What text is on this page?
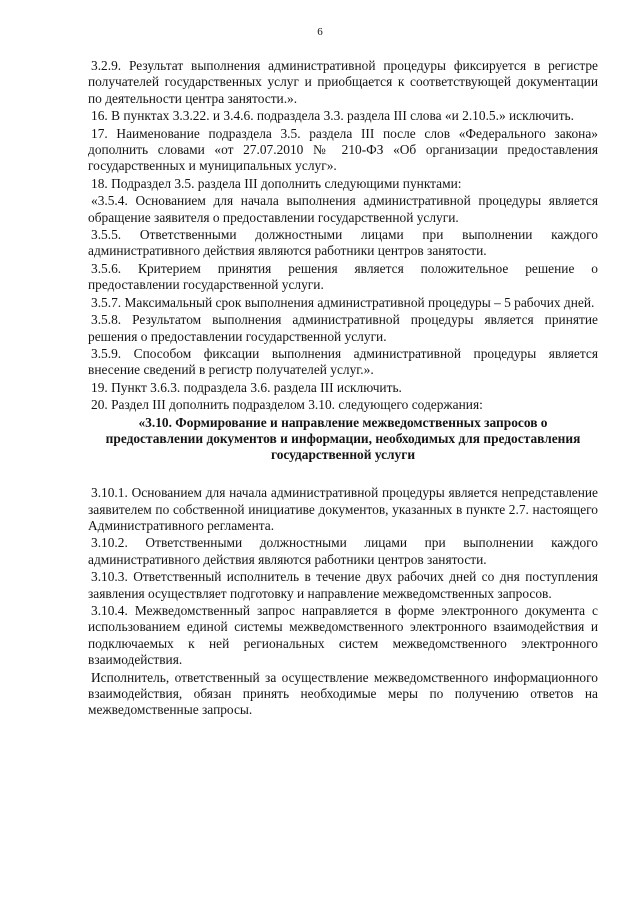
6

3.2.9. Результат выполнения административной процедуры фиксируется в регистре получателей государственных услуг и приобщается к соответствующей документации по деятельности центра занятости.».

16. В пунктах 3.3.22. и 3.4.6. подраздела 3.3. раздела III слова «и 2.10.5.» исключить.

17. Наименование подраздела 3.5. раздела III после слов «Федерального закона» дополнить словами «от 27.07.2010 № 210-ФЗ «Об организации предоставления государственных и муниципальных услуг».

18. Подраздел 3.5. раздела III дополнить следующими пунктами:

«3.5.4. Основанием для начала выполнения административной процедуры является обращение заявителя о предоставлении государственной услуги.

3.5.5. Ответственными должностными лицами при выполнении каждого административного действия являются работники центров занятости.

3.5.6. Критерием принятия решения является положительное решение о предоставлении государственной услуги.

3.5.7. Максимальный срок выполнения административной процедуры – 5 рабочих дней.

3.5.8. Результатом выполнения административной процедуры является принятие решения о предоставлении государственной услуги.

3.5.9. Способом фиксации выполнения административной процедуры является внесение сведений в регистр получателей услуг.».

19. Пункт 3.6.3. подраздела 3.6. раздела III исключить.

20. Раздел III дополнить подразделом 3.10. следующего содержания:

«3.10. Формирование и направление межведомственных запросов о предоставлении документов и информации, необходимых для предоставления государственной услуги

3.10.1. Основанием для начала административной процедуры является непредставление заявителем по собственной инициативе документов, указанных в пункте 2.7. настоящего Административного регламента.

3.10.2. Ответственными должностными лицами при выполнении каждого административного действия являются работники центров занятости.

3.10.3. Ответственный исполнитель в течение двух рабочих дней со дня поступления заявления осуществляет подготовку и направление межведомственных запросов.

3.10.4. Межведомственный запрос направляется в форме электронного документа с использованием единой системы межведомственного электронного взаимодействия и подключаемых к ней региональных систем межведомственного электронного взаимодействия.

Исполнитель, ответственный за осуществление межведомственного информационного взаимодействия, обязан принять необходимые меры по получению ответов на межведомственные запросы.
